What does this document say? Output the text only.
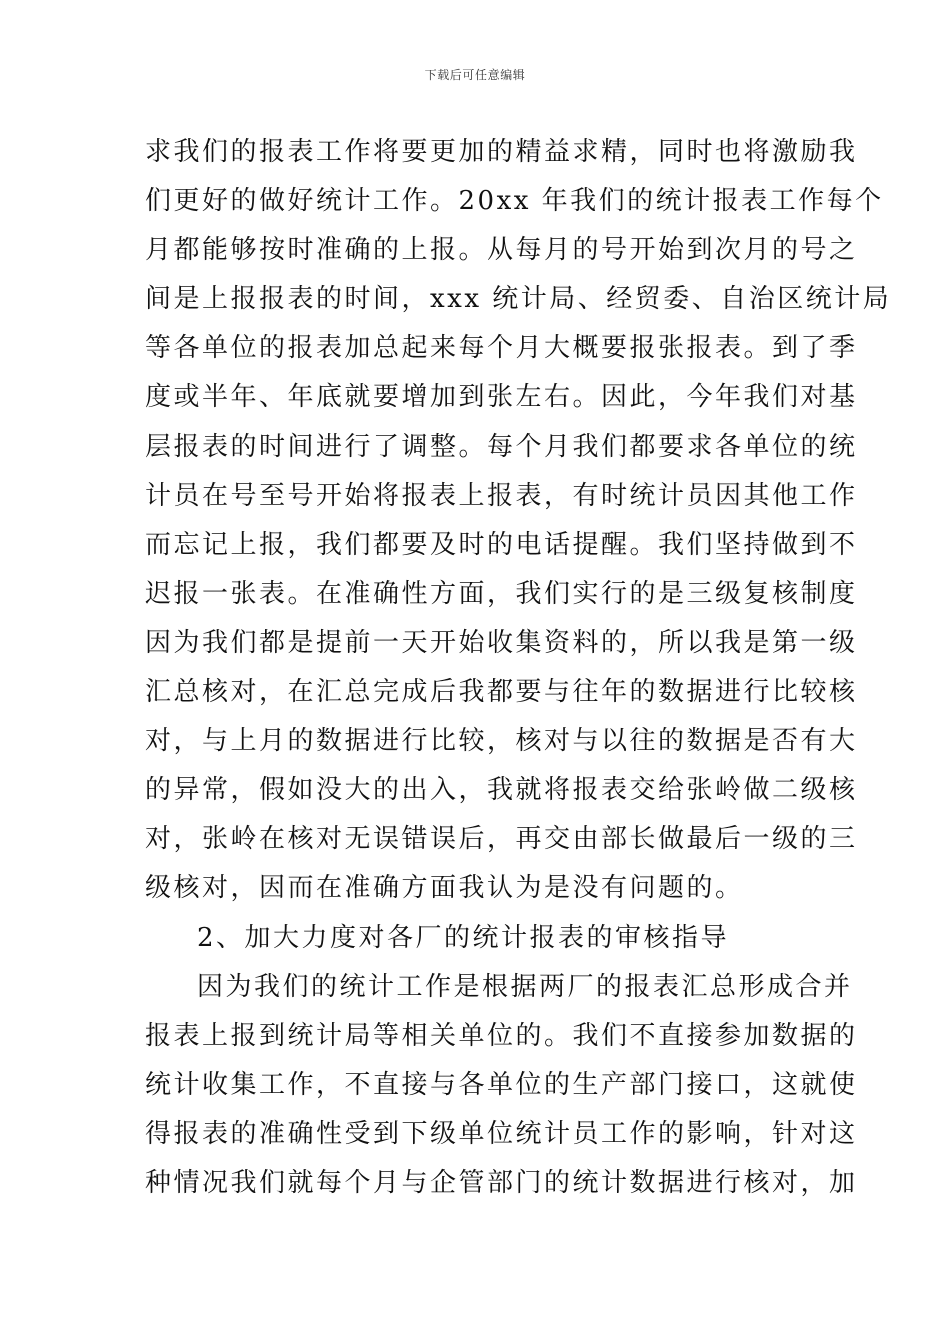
下载后可任意编辑
求我们的报表工作将要更加的精益求精，同时也将激励我
们更好的做好统计工作。20xx 年我们的统计报表工作每个
月都能够按时准确的上报。从每月的号开始到次月的号之
间是上报报表的时间，xxx 统计局、经贸委、自治区统计局
等各单位的报表加总起来每个月大概要报张报表。到了季
度或半年、年底就要增加到张左右。因此，今年我们对基
层报表的时间进行了调整。每个月我们都要求各单位的统
计员在号至号开始将报表上报表，有时统计员因其他工作
而忘记上报，我们都要及时的电话提醒。我们坚持做到不
迟报一张表。在准确性方面，我们实行的是三级复核制度
因为我们都是提前一天开始收集资料的，所以我是第一级
汇总核对，在汇总完成后我都要与往年的数据进行比较核
对，与上月的数据进行比较，核对与以往的数据是否有大
的异常，假如没大的出入，我就将报表交给张岭做二级核
对，张岭在核对无误错误后，再交由部长做最后一级的三
级核对，因而在准确方面我认为是没有问题的。
2、加大力度对各厂的统计报表的审核指导
因为我们的统计工作是根据两厂的报表汇总形成合并
报表上报到统计局等相关单位的。我们不直接参加数据的
统计收集工作，不直接与各单位的生产部门接口，这就使
得报表的准确性受到下级单位统计员工作的影响，针对这
种情况我们就每个月与企管部门的统计数据进行核对，加
